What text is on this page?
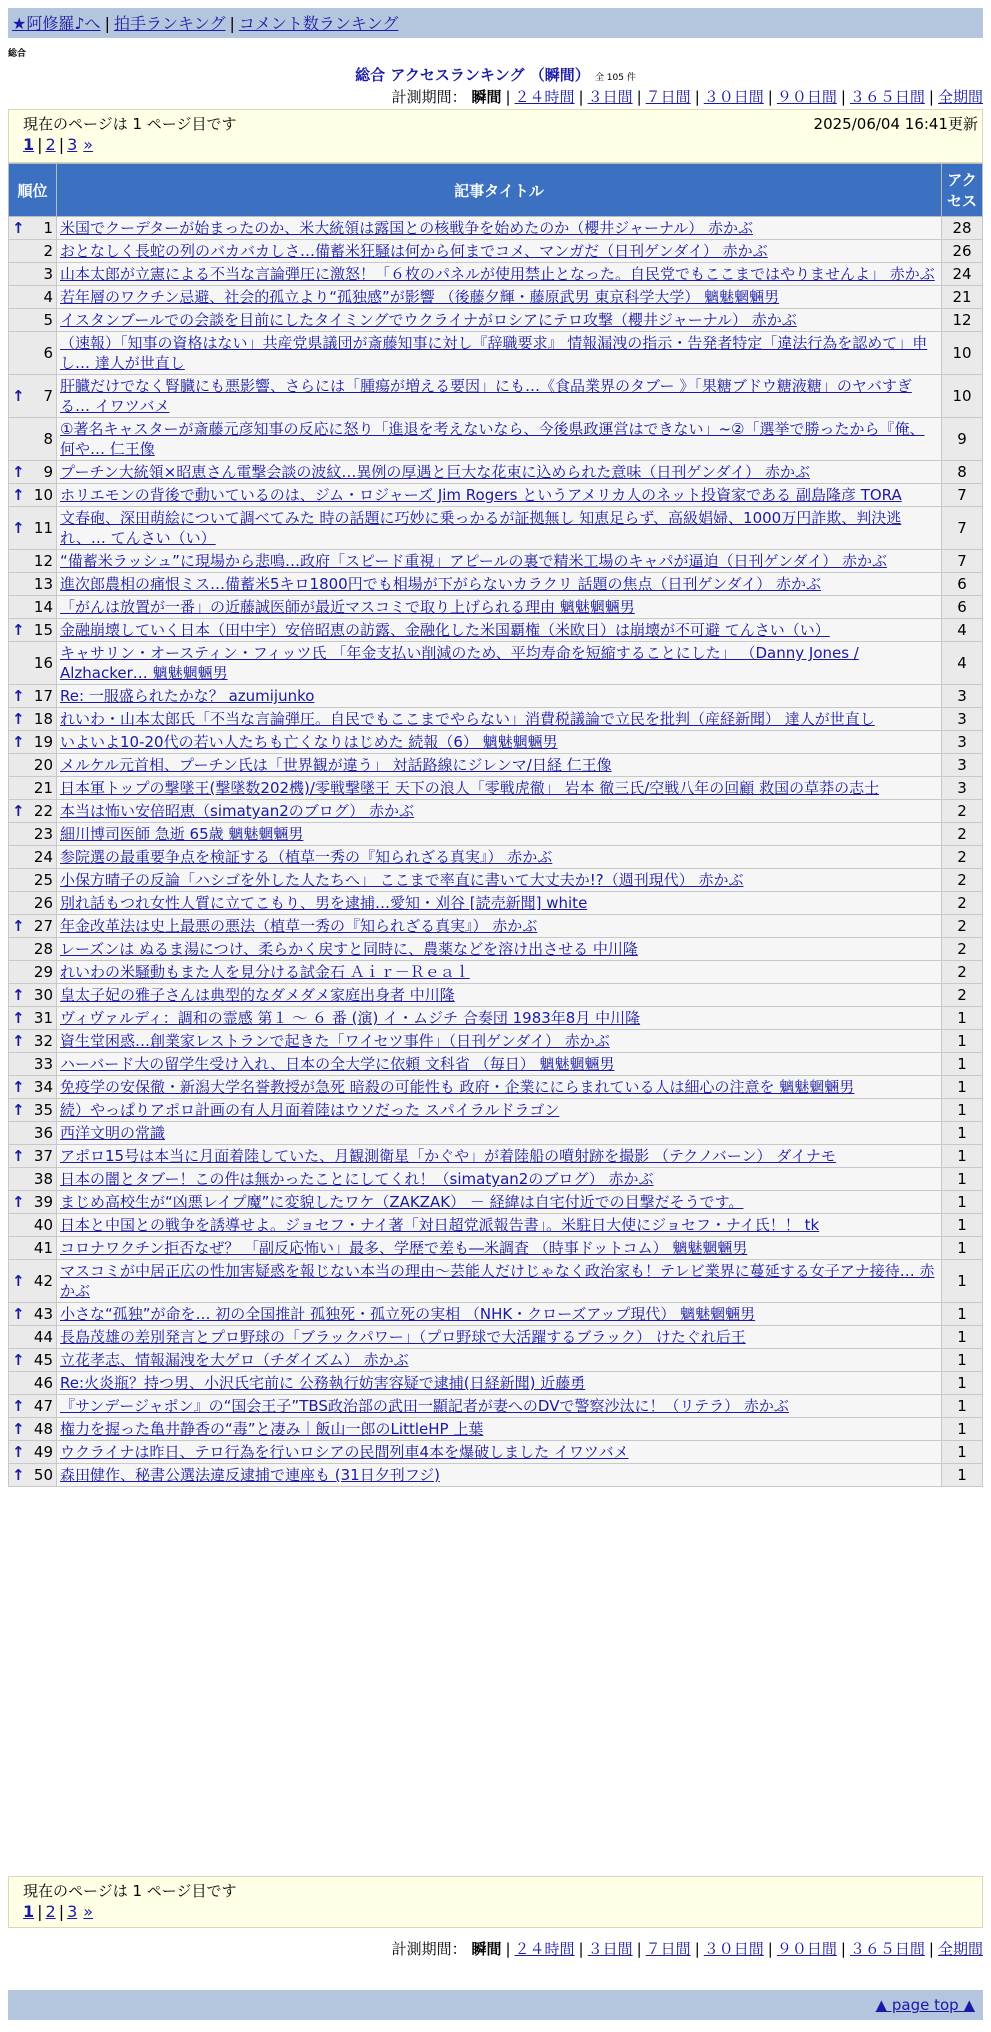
★阿修羅♪へ | 拍手ランキング | コメント数ランキング
総合
総合 アクセスランキング （瞬間） 全 105 件
計測期間： 瞬間 | ２４時間 | ３日間 | ７日間 | ３０日間 | ９０日間 | ３６５日間 | 全期間
現在のページは 1 ページ目です	2025/06/04 16:41更新
1 | 2 | 3 »
順位	記事タイトル	アクセス

↑ 1	米国でクーデターが始まったのか、米大統領は露国との核戦争を始めたのか（櫻井ジャーナル） 赤かぶ	28
2	おとなしく長蛇の列のバカバカしさ…備蓄米狂騒は何から何までコメ、マンガだ（日刊ゲンダイ） 赤かぶ	26
3	山本太郎が立憲による不当な言論弾圧に激怒！「６枚のパネルが使用禁止となった。自民党でもここまではやりませんよ」 赤かぶ	24
4	若年層のワクチン忌避、社会的孤立より“孤独感”が影響 （後藤夕輝・藤原武男 東京科学大学） 魑魅魍魎男	21
5	イスタンブールでの会談を目前にしたタイミングでウクライナがロシアにテロ攻撃（櫻井ジャーナル） 赤かぶ	12
6	（速報）「知事の資格はない」共産党県議団が斎藤知事に対し『辞職要求』 情報漏洩の指示・告発者特定「違法行為を認めて」申し… 達人が世直し	10

↑ 7	肝臓だけでなく腎臓にも悪影響、さらには「腫瘍が増える要因」にも…《食品業界のタブー 》「果糖ブドウ糖液糖」のヤバすぎる… イワツバメ	10
8	①著名キャスターが斎藤元彦知事の反応に怒り「進退を考えないなら、今後県政運営はできない」~②「選挙で勝ったから『俺、何や… 仁王像	9

↑ 9	プーチン大統領×昭恵さん電撃会談の波紋…異例の厚遇と巨大な花束に込められた意味（日刊ゲンダイ） 赤かぶ	8

↑ 10	ホリエモンの背後で動いているのは、ジム・ロジャーズ Jim Rogers というアメリカ人のネット投資家である 副島隆彦 TORA	7

↑ 11	文春砲、深田萌絵について調べてみた 時の話題に巧妙に乗っかるが証拠無し 知恵足らず、高級娼婦、1000万円詐欺、判決逃れ、… てんさい（い）	7
12	“備蓄米ラッシュ”に現場から悲鳴…政府「スピード重視」アピールの裏で精米工場のキャパが逼迫（日刊ゲンダイ） 赤かぶ	7
13	進次郎農相の痛恨ミス…備蓄米5キロ1800円でも相場が下がらないカラクリ 話題の焦点（日刊ゲンダイ） 赤かぶ	6
14	「がんは放置が一番」の近藤誠医師が最近マスコミで取り上げられる理由 魑魅魍魎男	6

↑ 15	金融崩壊していく日本（田中宇）安倍昭恵の訪露、金融化した米国覇権（米欧日）は崩壊が不可避 てんさい（い）	4
16	キャサリン・オースティン・フィッツ氏 「年金支払い削減のため、平均寿命を短縮することにした」 （Danny Jones / Alzhacker… 魑魅魍魎男	4

↑ 17	Re: 一服盛られたかな？ azumijunko	3

↑ 18	れいわ・山本太郎氏「不当な言論弾圧。自民でもここまでやらない」消費税議論で立民を批判（産経新聞） 達人が世直し	3

↑ 19	いよいよ10-20代の若い人たちも亡くなりはじめた 続報（6） 魑魅魍魎男	3
20	メルケル元首相、プーチン氏は「世界観が違う」 対話路線にジレンマ/日経 仁王像	3
21	日本軍トップの撃墜王(撃墜数202機)/零戦撃墜王 天下の浪人「零戦虎徹」 岩本 徹三氏/空戦八年の回顧 救国の草莽の志士	3

↑ 22	本当は怖い安倍昭恵（simatyan2のブログ） 赤かぶ	2
23	細川博司医師 急逝 65歳 魑魅魍魎男	2
24	参院選の最重要争点を検証する（植草一秀の『知られざる真実』） 赤かぶ	2
25	小保方晴子の反論「ハシゴを外した人たちへ」 ここまで率直に書いて大丈夫か!?（週刊現代） 赤かぶ	2
26	別れ話もつれ女性人質に立てこもり、男を逮捕…愛知・刈谷 [読売新聞] white	2

↑ 27	年金改革法は史上最悪の悪法（植草一秀の『知られざる真実』） 赤かぶ	2
28	レーズンは ぬるま湯につけ、柔らかく戻すと同時に、農薬などを溶け出させる 中川隆	2
29	れいわの米騒動もまた人を見分ける試金石 Ａｉｒ－Ｒｅａｌ	2

↑ 30	皇太子妃の雅子さんは典型的なダメダメ家庭出身者 中川隆	2

↑ 31	ヴィヴァルディ：調和の霊感 第１ ～ ６ 番 (演) イ・ムジチ 合奏団 1983年8月 中川隆	1

↑ 32	資生堂困惑…創業家レストランで起きた「ワイセツ事件」（日刊ゲンダイ） 赤かぶ	1
33	ハーバード大の留学生受け入れ、日本の全大学に依頼 文科省 （毎日） 魑魅魍魎男	1

↑ 34	免疫学の安保徹・新潟大学名誉教授が急死 暗殺の可能性も 政府・企業ににらまれている人は細心の注意を 魑魅魍魎男	1

↑ 35	続）やっぱりアポロ計画の有人月面着陸はウソだった スパイラルドラゴン	1
36	西洋文明の常識	1

↑ 37	アポロ15号は本当に月面着陸していた、月観測衛星「かぐや」が着陸船の噴射跡を撮影 （テクノバーン） ダイナモ	1
38	日本の闇とタブー！この件は無かったことにしてくれ！（simatyan2のブログ） 赤かぶ	1

↑ 39	まじめ高校生が“凶悪レイプ魔”に変貌したワケ（ZAKZAK） － 経緯は自宅付近での目撃だそうです。	1
40	日本と中国との戦争を誘導せよ。ジョセフ・ナイ著「対日超党派報告書」。米駐日大使にジョセフ・ナイ氏！！ tk	1
41	コロナワクチン拒否なぜ？ 「副反応怖い」最多、学歴で差も―米調査 （時事ドットコム） 魑魅魍魎男	1

↑ 42	マスコミが中居正広の性加害疑惑を報じない本当の理由～芸能人だけじゃなく政治家も！テレビ業界に蔓延する女子アナ接待… 赤かぶ	1

↑ 43	小さな“孤独”が命を… 初の全国推計 孤独死・孤立死の実相 （NHK・クローズアップ現代） 魑魅魍魎男	1
44	長島茂雄の差別発言とプロ野球の「ブラックパワー」（プロ野球で大活躍するブラック） けたぐれ后王	1

↑ 45	立花孝志、情報漏洩を大ゲロ（チダイズム） 赤かぶ	1
46	Re:火炎瓶？持つ男、小沢氏宅前に 公務執行妨害容疑で逮捕(日経新聞) 近藤勇	1

↑ 47	『サンデージャポン』の“国会王子”TBS政治部の武田一顯記者が妻へのDVで警察沙汰に！（リテラ） 赤かぶ	1

↑ 48	権力を握った亀井静香の“毒”と凄み｜飯山一郎のLittleHP 上葉	1

↑ 49	ウクライナは昨日、テロ行為を行いロシアの民間列車4本を爆破しました イワツバメ	1

↑ 50	森田健作、秘書公選法違反逮捕で連座も (31日夕刊フジ)	1
現在のページは 1 ページ目です
1 | 2 | 3 »
計測期間： 瞬間 | ２４時間 | ３日間 | ７日間 | ３０日間 | ９０日間 | ３６５日間 | 全期間
▲ page top ▲
